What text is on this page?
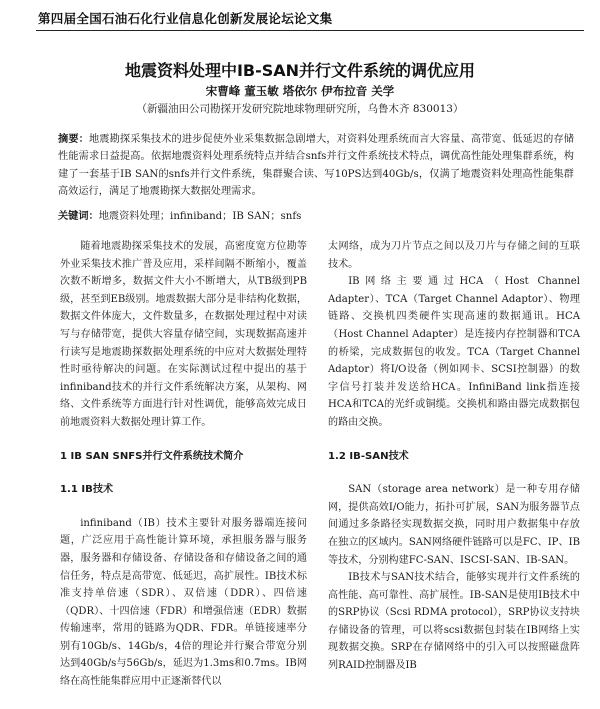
第四届全国石油石化行业信息化创新发展论坛论文集
地震资料处理中IB-SAN并行文件系统的调优应用
宋曹峰 董玉敏 塔依尔 伊布拉音 关学
（新疆油田公司勘探开发研究院地球物理研究所，乌鲁木齐 830013）
摘要：地震勘探采集技术的进步促使外业采集数据急剧增大，对资料处理系统而言大容量、高带宽、低延迟的存储性能需求日益提高。依据地震资料处理系统特点并结合snfs并行文件系统技术特点，调优高性能处理集群系统，构建了一套基于IB SAN的snfs并行文件系统，集群聚合读、写10PS达到40Gb/s，仅满了地震资料处理高性能集群高效运行，满足了地震勘探大数据处理需求。
关键词：地震资料处理；infiniband；IB SAN；snfs

随着地震勘探采集技术的发展，高密度宽方位勘等外业采集技术推广普及应用，采样间隔不断缩小，覆盖次数不断增多，数据文件大小不断增大，从TB级到PB级，甚至到EB级别。地震数据大部分是非结构化数据，数据文件体庞大，文件数量多，在数据处理过程中对读写与存储带宽，提供大容量存储空间，实现数据高速并行读写是地震勘探数据处理系统的中应对大数据处理特性时亟待解决的问题。在实际测试过程中提出的基于infiniband技术的并行文件系统解决方案，从架构、网络、文件系统等方面进行针对性调优，能够高效完成日前地震资料大数据处理计算工作。

1 IB SAN SNFS并行文件系统技术简介
1.1 IB技术

infiniband（IB）技术主要针对服务器端连接问题，广泛应用于高性能计算环境，承担服务器与服务器，服务器和存储设备、存储设备和存储设备之间的通信任务，特点是高带宽、低延迟，高扩展性。IB技术标准支持单倍速（SDR）、双倍速（DDR）、四倍速（QDR）、十四倍速（FDR）和增强倍速（EDR）数据传输速率，常用的链路为QDR、FDR。单链接速率分别有10Gb/s、14Gb/s，4倍的理论并行聚合带宽分别达到40Gb/s与56Gb/s，延迟为1.3ms和0.7ms。IB网络在高性能集群应用中正逐渐替代以

太网络，成为刀片节点之间以及刀片与存储之间的互联技术。

IB网络主要通过HCA（Host Channel Adapter）、TCA（Target Channel Adaptor）、物理链路、交换机四类硬件实现高速的数据通讯。HCA（Host Channel Adapter）是连接内存控制器和TCA的桥梁，完成数据包的收发。TCA（Target Channel Adaptor）将I/O设备（例如网卡、SCSI控制器）的数字信号打装并发送给HCA。InfiniBand link指连接HCA和TCA的光纤或铜缆。交换机和路由器完成数据包的路由交换。

1.2 IB-SAN技术

SAN（storage area network）是一种专用存储网，提供高效I/O能力，拓扑可扩展，SAN为服务器节点间通过多条路径实现数据交换，同时用户数据集中存放在独立的区域内。SAN网络硬件链路可以是FC、IP、IB等技术，分别构建FC-SAN、ISCSI-SAN、IB-SAN。

IB技术与SAN技术结合，能够实现并行文件系统的高性能、高可靠性、高扩展性。IB-SAN是使用IB技术中的SRP协议（Scsi RDMA protocol），SRP协议支持块存储设备的管理，可以将scsi数据包封装在IB网络上实现数据交换。SRP在存储网络中的引入可以按照磁盘阵列RAID控制器及IB
